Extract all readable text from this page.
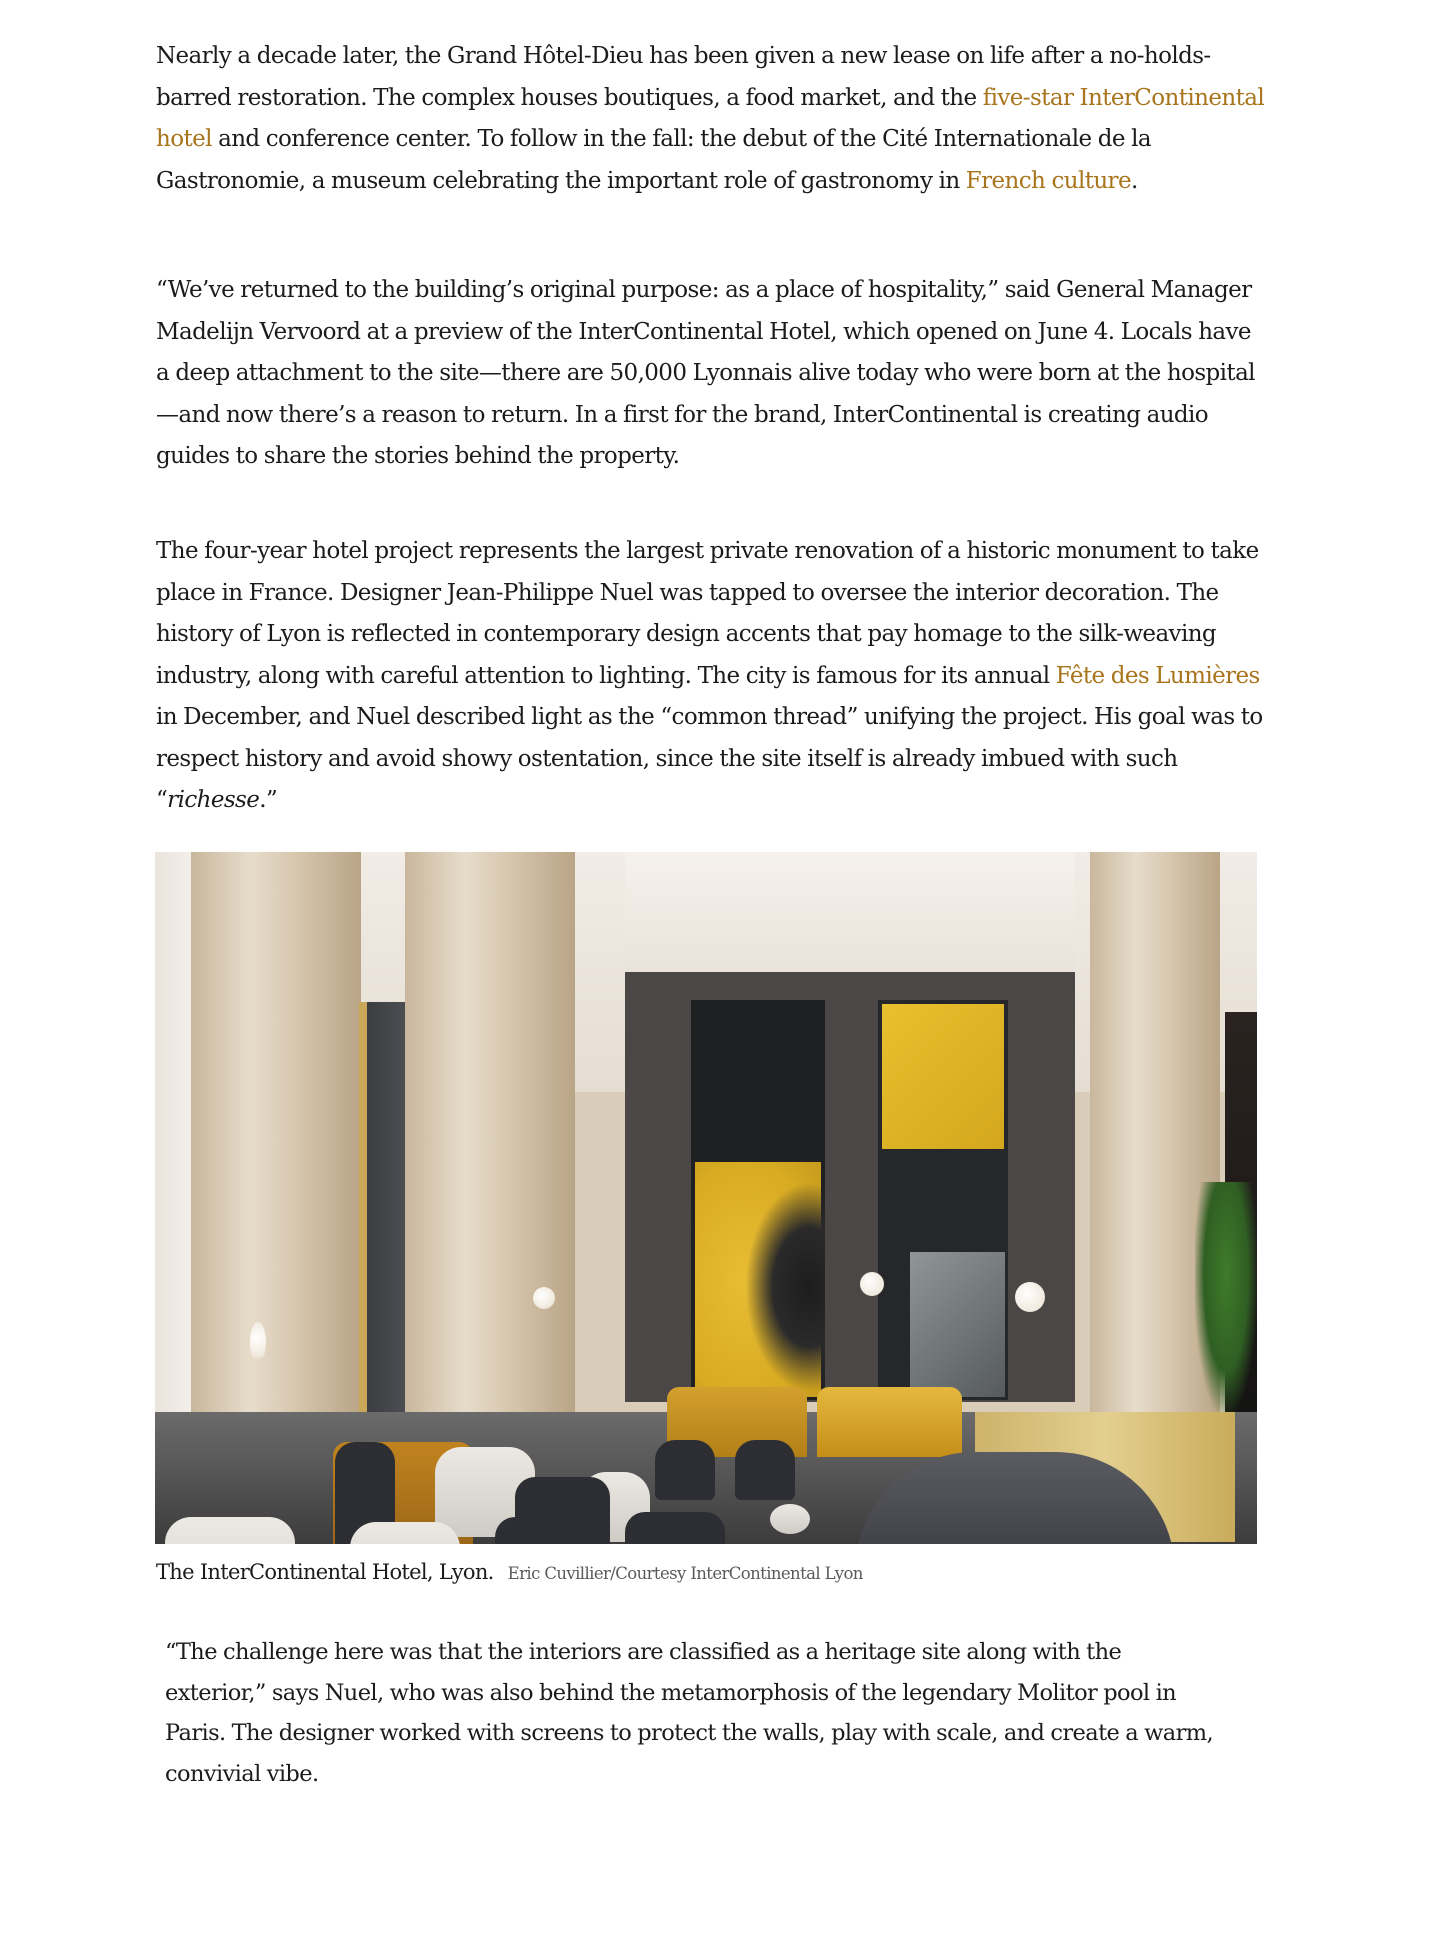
Nearly a decade later, the Grand Hôtel-Dieu has been given a new lease on life after a no-holds-barred restoration. The complex houses boutiques, a food market, and the five-star InterContinental hotel and conference center. To follow in the fall: the debut of the Cité Internationale de la Gastronomie, a museum celebrating the important role of gastronomy in French culture.

“We’ve returned to the building’s original purpose: as a place of hospitality,” said General Manager Madelijn Vervoord at a preview of the InterContinental Hotel, which opened on June 4. Locals have a deep attachment to the site—there are 50,000 Lyonnais alive today who were born at the hospital—and now there’s a reason to return. In a first for the brand, InterContinental is creating audio guides to share the stories behind the property.

The four-year hotel project represents the largest private renovation of a historic monument to take place in France. Designer Jean-Philippe Nuel was tapped to oversee the interior decoration. The history of Lyon is reflected in contemporary design accents that pay homage to the silk-weaving industry, along with careful attention to lighting. The city is famous for its annual Fête des Lumières in December, and Nuel described light as the “common thread” unifying the project. His goal was to respect history and avoid showy ostentation, since the site itself is already imbued with such “richesse.”

The InterContinental Hotel, Lyon. Eric Cuvillier/Courtesy InterContinental Lyon

“The challenge here was that the interiors are classified as a heritage site along with the exterior,” says Nuel, who was also behind the metamorphosis of the legendary Molitor pool in Paris. The designer worked with screens to protect the walls, play with scale, and create a warm, convivial vibe.
